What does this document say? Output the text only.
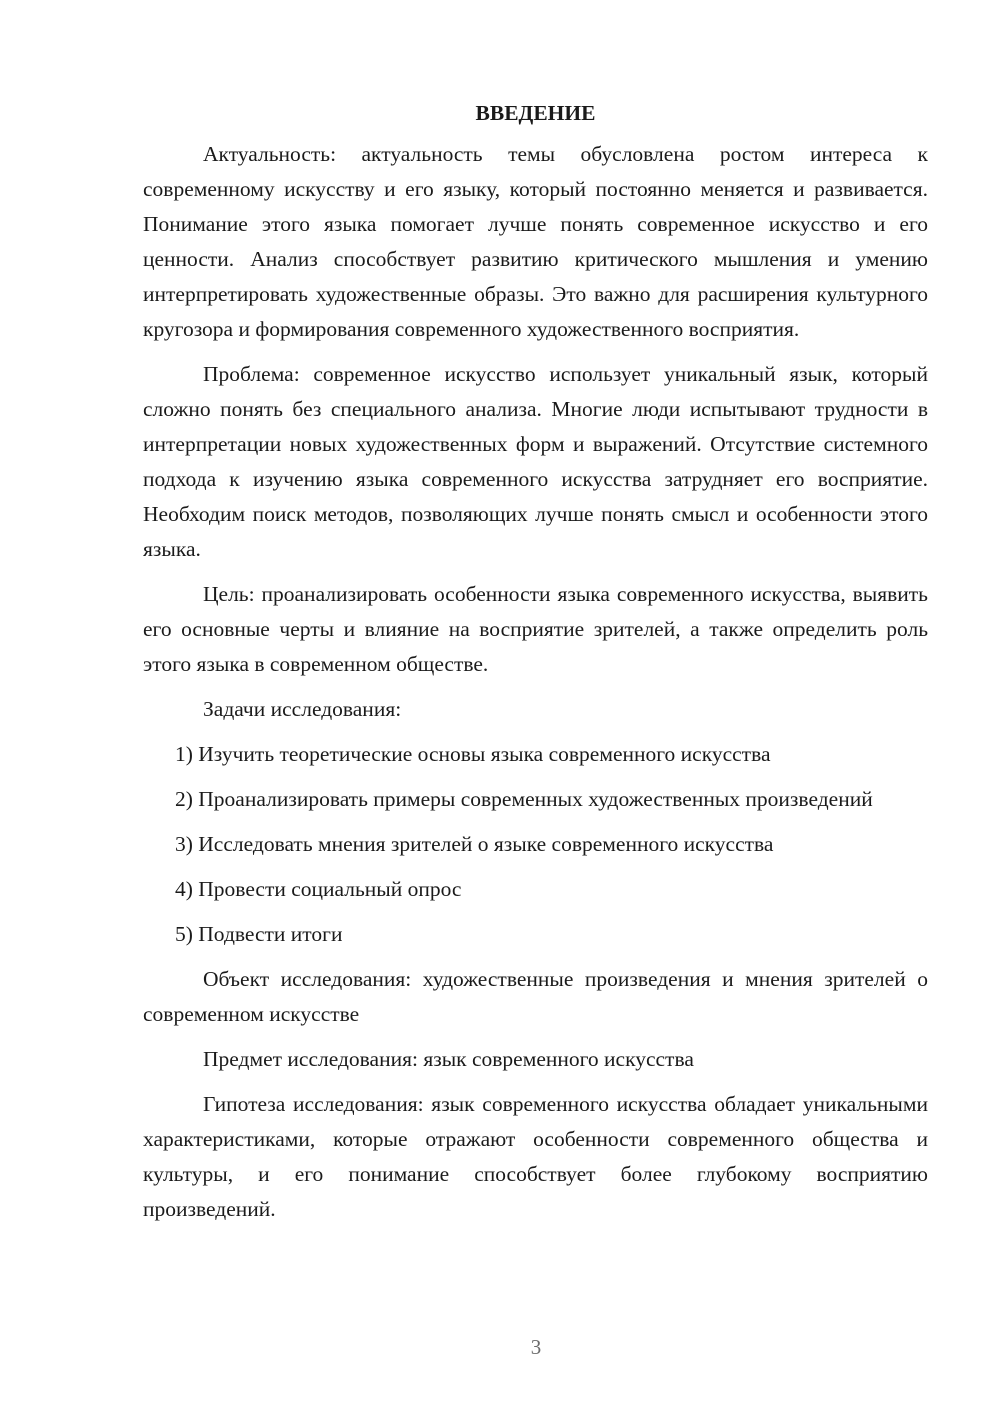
ВВЕДЕНИЕ

Актуальность: актуальность темы обусловлена ростом интереса к современному искусству и его языку, который постоянно меняется и развивается. Понимание этого языка помогает лучше понять современное искусство и его ценности. Анализ способствует развитию критического мышления и умению интерпретировать художественные образы. Это важно для расширения культурного кругозора и формирования современного художественного восприятия.

Проблема: современное искусство использует уникальный язык, который сложно понять без специального анализа. Многие люди испытывают трудности в интерпретации новых художественных форм и выражений. Отсутствие системного подхода к изучению языка современного искусства затрудняет его восприятие. Необходим поиск методов, позволяющих лучше понять смысл и особенности этого языка.

Цель: проанализировать особенности языка современного искусства, выявить его основные черты и влияние на восприятие зрителей, а также определить роль этого языка в современном обществе.

Задачи исследования:

1) Изучить теоретические основы языка современного искусства

2) Проанализировать примеры современных художественных произведений

3) Исследовать мнения зрителей о языке современного искусства

4) Провести социальный опрос

5) Подвести итоги

Объект исследования: художественные произведения и мнения зрителей о современном искусстве

Предмет исследования: язык современного искусства

Гипотеза исследования: язык современного искусства обладает уникальными характеристиками, которые отражают особенности современного общества и культуры, и его понимание способствует более глубокому восприятию произведений.

3
